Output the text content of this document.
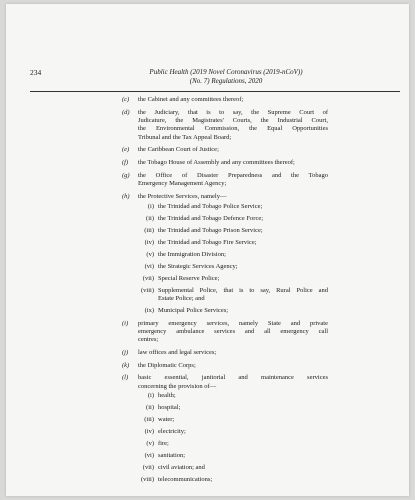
234	Public Health (2019 Novel Coronavirus (2019-nCoV))
(No. 7) Regulations, 2020
(c) the Cabinet and any committees thereof;
(d) the Judiciary, that is to say, the Supreme Court of
Judicature, the Magistrates' Courts, the Industrial Court,
the Environmental Commission, the Equal Opportunities
Tribunal and the Tax Appeal Board;
(e) the Caribbean Court of Justice;
(f) the Tobago House of Assembly and any committees thereof;
(g) the Office of Disaster Preparedness and the Tobago
Emergency Management Agency;
(h) the Protective Services, namely—
(i) the Trinidad and Tobago Police Service;
(ii) the Trinidad and Tobago Defence Force;
(iii) the Trinidad and Tobago Prison Service;
(iv) the Trinidad and Tobago Fire Service;
(v) the Immigration Division;
(vi) the Strategic Services Agency;
(vii) Special Reserve Police;
(viii) Supplemental Police, that is to say, Rural Police and
Estate Police; and
(ix) Municipal Police Services;
(i) primary emergency services, namely State and private
emergency ambulance services and all emergency call
centres;
(j) law offices and legal services;
(k) the Diplomatic Corps;
(l) basic essential, janitorial and maintenance services
concerning the provision of—
(i) health;
(ii) hospital;
(iii) water;
(iv) electricity;
(v) fire;
(vi) sanitation;
(vii) civil aviation; and
(viii) telecommunications;
